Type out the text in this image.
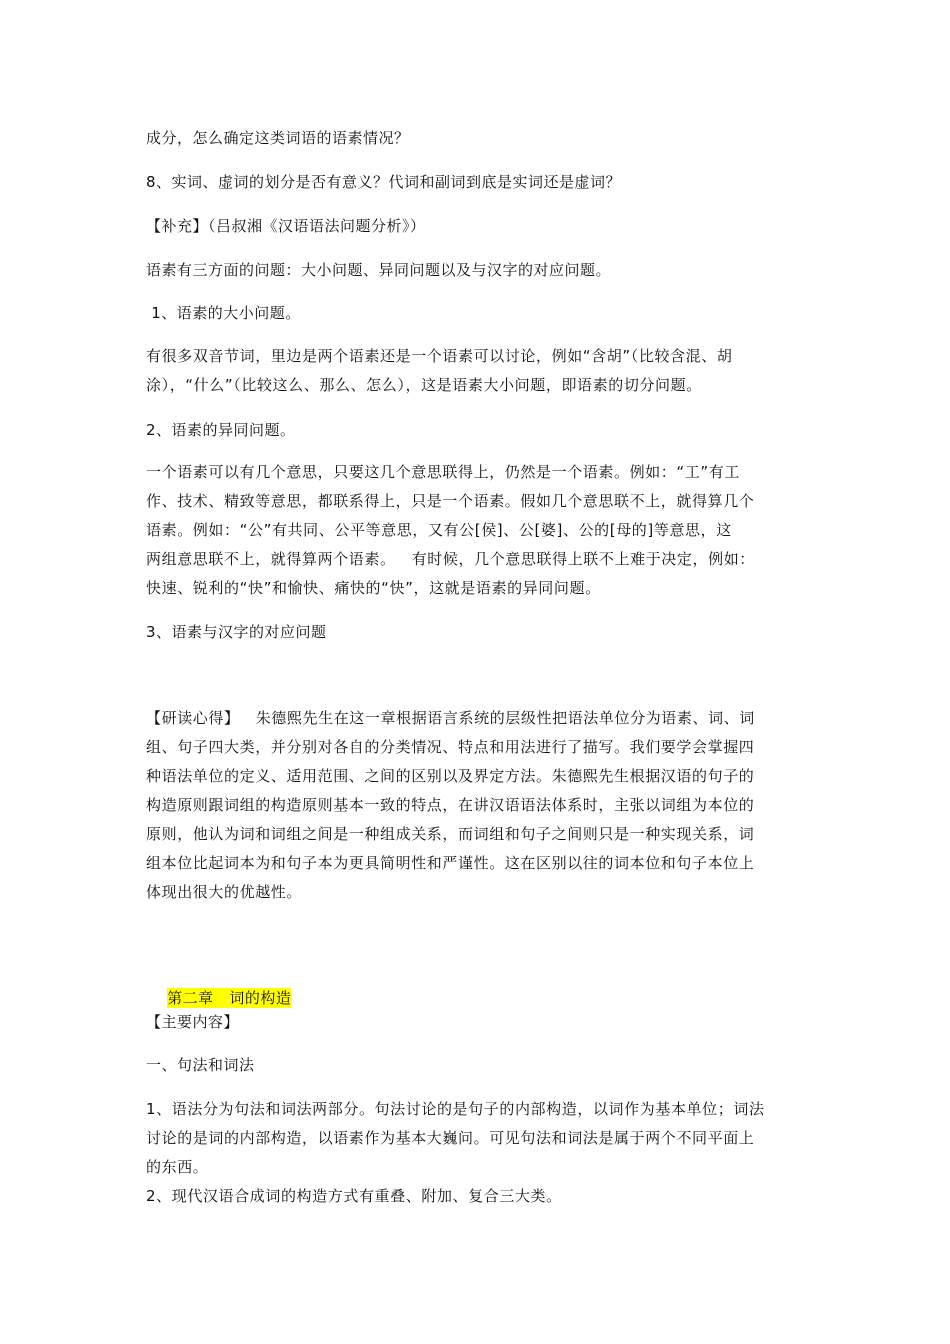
成分，怎么确定这类词语的语素情况？
8、实词、虚词的划分是否有意义？代词和副词到底是实词还是虚词？
【补充】（吕叔湘《汉语语法问题分析》）
语素有三方面的问题：大小问题、异同问题以及与汉字的对应问题。
1、语素的大小问题。
有很多双音节词，里边是两个语素还是一个语素可以讨论，例如“含胡”（比较含混、胡
涂），“什么”（比较这么、那么、怎么），这是语素大小问题，即语素的切分问题。
2、语素的异同问题。
一个语素可以有几个意思，只要这几个意思联得上，仍然是一个语素。例如：“工”有工
作、技术、精致等意思，都联系得上，只是一个语素。假如几个意思联不上，就得算几个
语素。例如：“公”有共同、公平等意思，又有公[侯]、公[婆]、公的[母的]等意思，这
两组意思联不上，就得算两个语素。   有时候，几个意思联得上联不上难于决定，例如：
快速、锐利的“快”和愉快、痛快的“快”，这就是语素的异同问题。
3、语素与汉字的对应问题
【研读心得】   朱德熙先生在这一章根据语言系统的层级性把语法单位分为语素、词、词
组、句子四大类，并分别对各自的分类情况、特点和用法进行了描写。我们要学会掌握四
种语法单位的定义、适用范围、之间的区别以及界定方法。朱德熙先生根据汉语的句子的
构造原则跟词组的构造原则基本一致的特点，在讲汉语语法体系时，主张以词组为本位的
原则，他认为词和词组之间是一种组成关系，而词组和句子之间则只是一种实现关系，词
组本位比起词本为和句子本为更具简明性和严谨性。这在区别以往的词本位和句子本位上
体现出很大的优越性。

第二章   词的构造

【主要内容】
一、句法和词法
1、语法分为句法和词法两部分。句法讨论的是句子的内部构造，以词作为基本单位；词法
讨论的是词的内部构造，以语素作为基本大巍问。可见句法和词法是属于两个不同平面上
的东西。
2、现代汉语合成词的构造方式有重叠、附加、复合三大类。
